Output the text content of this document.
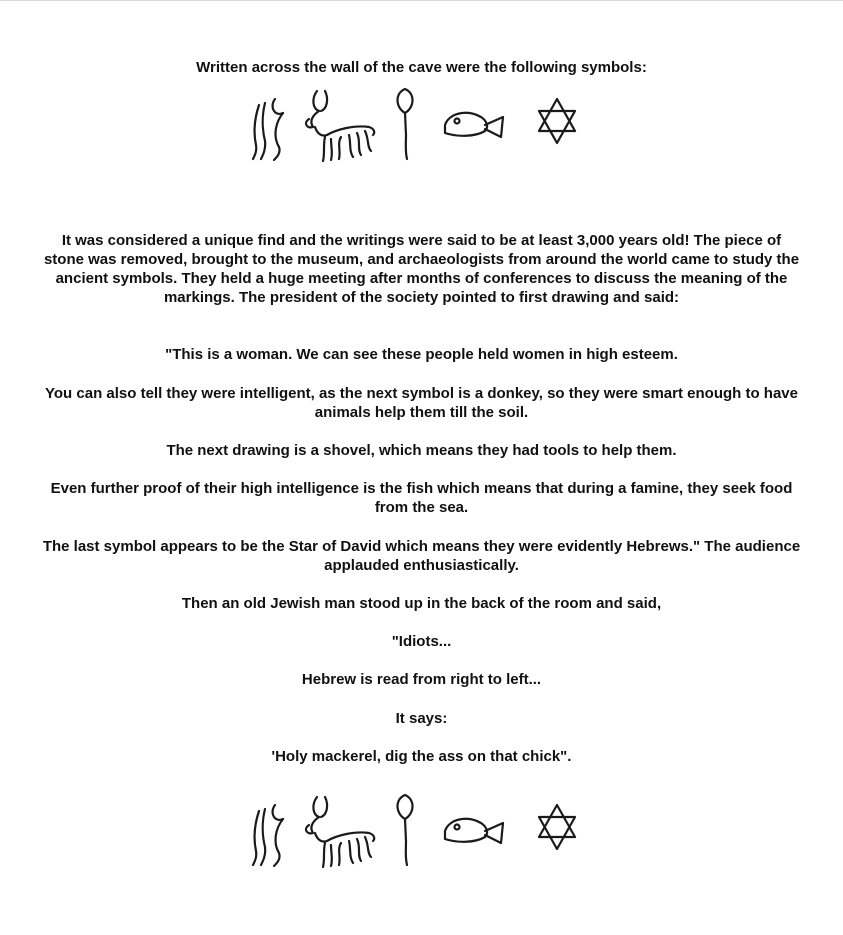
Written across the wall of the cave were the following symbols:
It was considered a unique find and the writings were said to be at least 3,000 years old! The piece of stone was removed, brought to the museum, and archaeologists from around the world came to study the ancient symbols. They held a huge meeting after months of conferences to discuss the meaning of the markings. The president of the society pointed to first drawing and said:
"This is a woman. We can see these people held women in high esteem.
You can also tell they were intelligent, as the next symbol is a donkey, so they were smart enough to have animals help them till the soil.
The next drawing is a shovel, which means they had tools to help them.
Even further proof of their high intelligence is the fish which means that during a famine, they seek food from the sea.
The last symbol appears to be the Star of David which means they were evidently Hebrews." The audience applauded enthusiastically.
Then an old Jewish man stood up in the back of the room and said,
"Idiots...
Hebrew is read from right to left...
It says:
'Holy mackerel, dig the ass on that chick".
